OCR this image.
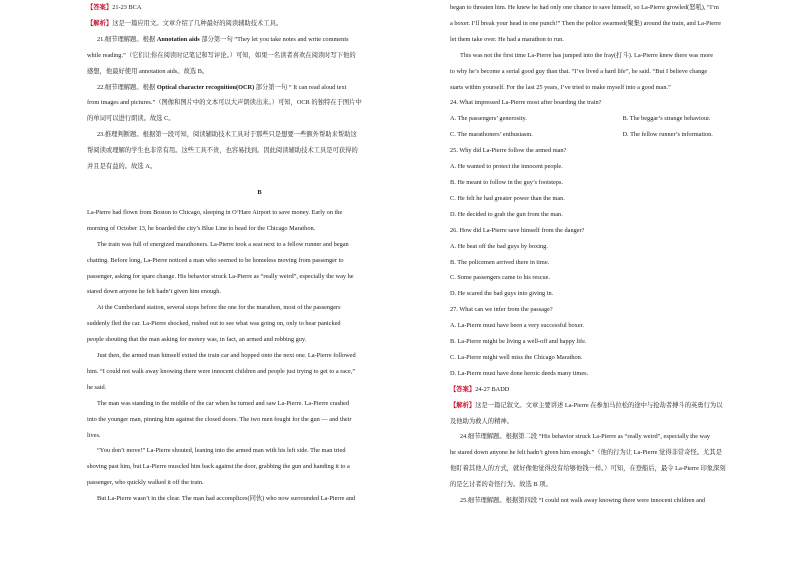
【答案】21-23 BCA

【解析】这是一篇应用文。文章介绍了几种最好的阅读辅助技术工具。

21.细节理解题。根据 Annotation aids 部分第一句 “They let you take notes and write comments

while reading.”（它们让你在阅读时记笔记和写评论。）可知，如果一名读者喜欢在阅读时写下他的

感想，他最好使用 annotation aids。故选 B。

22.细节理解题。根据 Optical character recognition(OCR) 部分第一句 “ It can read aloud text

from images and pictures.”（图像和图片中的文本可以大声朗读出来。）可知，OCR 的独特在于图片中

的单词可以进行朗读。故选 C。

23.推理判断题。根据第一段可知，阅读辅助技术工具对于那些只是想要一些额外帮助来帮助这

帮阅读或理解的学生也非常有用。这些工具不贵，也容易找到。因此阅读辅助技术工具是可获得的

并且是有益的。故选 A。

B

La-Pierre had flown from Boston to Chicago, sleeping in O’Hare Airport to save money. Early on the

morning of October 13, he boarded the city’s Blue Line to head for the Chicago Marathon.

The train was full of energized marathoners. La-Pierre took a seat next to a fellow runner and began

chatting. Before long, La-Pierre noticed a man who seemed to be homeless moving from passenger to

passenger, asking for spare change. His behavior struck La-Pierre as “really weird”, especially the way he

stared down anyone he felt hadn’t given him enough.

At the Cumberland station, several stops before the one for the marathon, most of the passengers

suddenly fled the car. La-Pierre shocked, rushed out to see what was going on, only to hear panicked

people shouting that the man asking for money was, in fact, an armed and robbing guy.

Just then, the armed man himself exited the train car and hopped onto the next one. La-Pierre followed

him. “I could not walk away knowing there were innocent children and people just trying to get to a race,”

he said.

The man was standing in the middle of the car when he turned and saw La-Pierre. La-Pierre crashed

into the younger man, pinning him against the closed doors. The two men fought for the gun — and their

lives.

“You don’t move!” La-Pierre shouted, leaning into the armed man with his left side. The man tried

shoving past him, but La-Pierre muscled him back against the door, grabbing the gun and handing it to a

passenger, who quickly walked it off the train.

But La-Pierre wasn’t in the clear. The man had accomplices(同伙) who now surrounded La-Pierre and

began to threaten him. He knew he had only one chance to save himself, so La-Pierre growled(怒吼), “I’m

a boxer. I’ll break your head in one punch!” Then the police swarmed(聚集) around the train, and La-Pierre

let them take over. He had a marathon to run.

This was not the first time La-Pierre has jumped into the fray(打斗). La-Pierre knew there was more

to why he’s become a serial good guy than that. “I’ve lived a hard life”, he said. “But I believe change

starts within yourself. For the last 25 years, I’ve tried to make myself into a good man.”

24. What impressed La-Pierre most after boarding the train?

A. The passengers’ generosity.	B. The beggar’s strange behaviour.
C. The marathoners’ enthusiasm.	D. The fellow runner’s information.

25. Why did La-Pierre follow the armed man?

A. He wanted to protect the innocent people.

B. He meant to follow in the guy’s footsteps.

C. He felt he had greater power than the man.

D. He decided to grab the gun from the man.

26. How did La-Pierre save himself from the danger?

A. He beat off the bad guys by boxing.

B. The policemen arrived there in time.

C. Some passengers came to his rescue.

D. He scared the bad guys into giving in.

27. What can we infer from the passage?

A. La-Pierre must have been a very successful boxer.

B. La-Pierre might be living a well-off and happy life.

C. La-Pierre might well miss the Chicago Marathon.

D. La-Pierre must have done heroic deeds many times.

【答案】24-27 BADD

【解析】这是一篇记叙文。文章主要讲述 La-Pierre 在参加马拉松的途中与抢劫者搏斗的英勇行为以

及他助为救人的精神。

24.细节理解题。根据第二段 “His behavior struck La-Pierre as “really weird”, especially the way

he stared down anyone he felt hadn’t given him enough.”（他的行为让 La-Pierre 觉得非常奇怪。尤其是

他盯着其他人的方式，就好像他觉得没有给够他钱一样。）可知，在登船后，最令 La-Pierre 印象深刻

的是乞讨者的奇怪行为。故选 B 项。

25.细节理解题。根据第四段 “I could not walk away knowing there were innocent children and
